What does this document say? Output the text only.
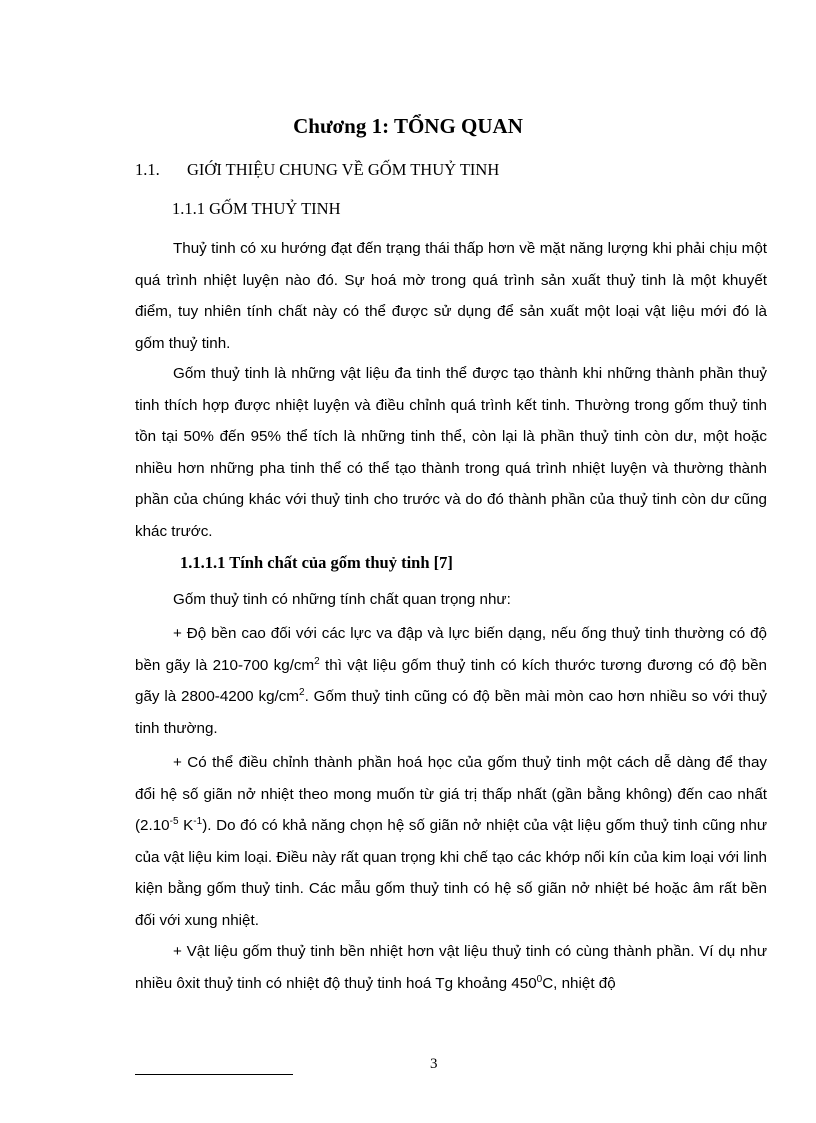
Chương 1: TỔNG QUAN
1.1. GIỚI THIỆU CHUNG VỀ GỐM THUỶ TINH
1.1.1 GỐM THUỶ TINH

Thuỷ tinh có xu hướng đạt đến trạng thái thấp hơn về mặt năng lượng khi phải chịu một quá trình nhiệt luyện nào đó. Sự hoá mờ trong quá trình sản xuất thuỷ tinh là một khuyết điểm, tuy nhiên tính chất này có thể được sử dụng để sản xuất một loại vật liệu mới đó là gốm thuỷ tinh.

Gốm thuỷ tinh là những vật liệu đa tinh thể được tạo thành khi những thành phần thuỷ tinh thích hợp được nhiệt luyện và điều chỉnh quá trình kết tinh. Thường trong gốm thuỷ tinh tồn tại 50% đến 95% thể tích là những tinh thể, còn lại là phần thuỷ tinh còn dư, một hoặc nhiều hơn những pha tinh thể có thể tạo thành trong quá trình nhiệt luyện và thường thành phần của chúng khác với thuỷ tinh cho trước và do đó thành phần của thuỷ tinh còn dư cũng khác trước.

1.1.1.1 Tính chất của gốm thuỷ tinh [7]

Gốm thuỷ tinh có những tính chất quan trọng như:

+ Độ bền cao đối với các lực va đập và lực biến dạng, nếu ống thuỷ tinh thường có độ bền gãy là 210-700 $kg/cm^2$ thì vật liệu gốm thuỷ tinh có kích thước tương đương có độ bền gãy là 2800-4200 $kg/cm^2$. Gốm thuỷ tinh cũng có độ bền mài mòn cao hơn nhiều so với thuỷ tinh thường.

+ Có thể điều chỉnh thành phần hoá học của gốm thuỷ tinh một cách dễ dàng để thay đổi hệ số giãn nở nhiệt theo mong muốn từ giá trị thấp nhất (gần bằng không) đến cao nhất ($2.10^{-5}$ $K^{-1}$). Do đó có khả năng chọn hệ số giãn nở nhiệt của vật liệu gốm thuỷ tinh cũng như của vật liệu kim loại. Điều này rất quan trọng khi chế tạo các khớp nối kín của kim loại với linh kiện bằng gốm thuỷ tinh. Các mẫu gốm thuỷ tinh có hệ số giãn nở nhiệt bé hoặc âm rất bền đối với xung nhiệt.

+ Vật liệu gốm thuỷ tinh bền nhiệt hơn vật liệu thuỷ tinh có cùng thành phần. Ví dụ như nhiều ôxit thuỷ tinh có nhiệt độ thuỷ tinh hoá Tg khoảng $450^0C$, nhiệt độ

3
